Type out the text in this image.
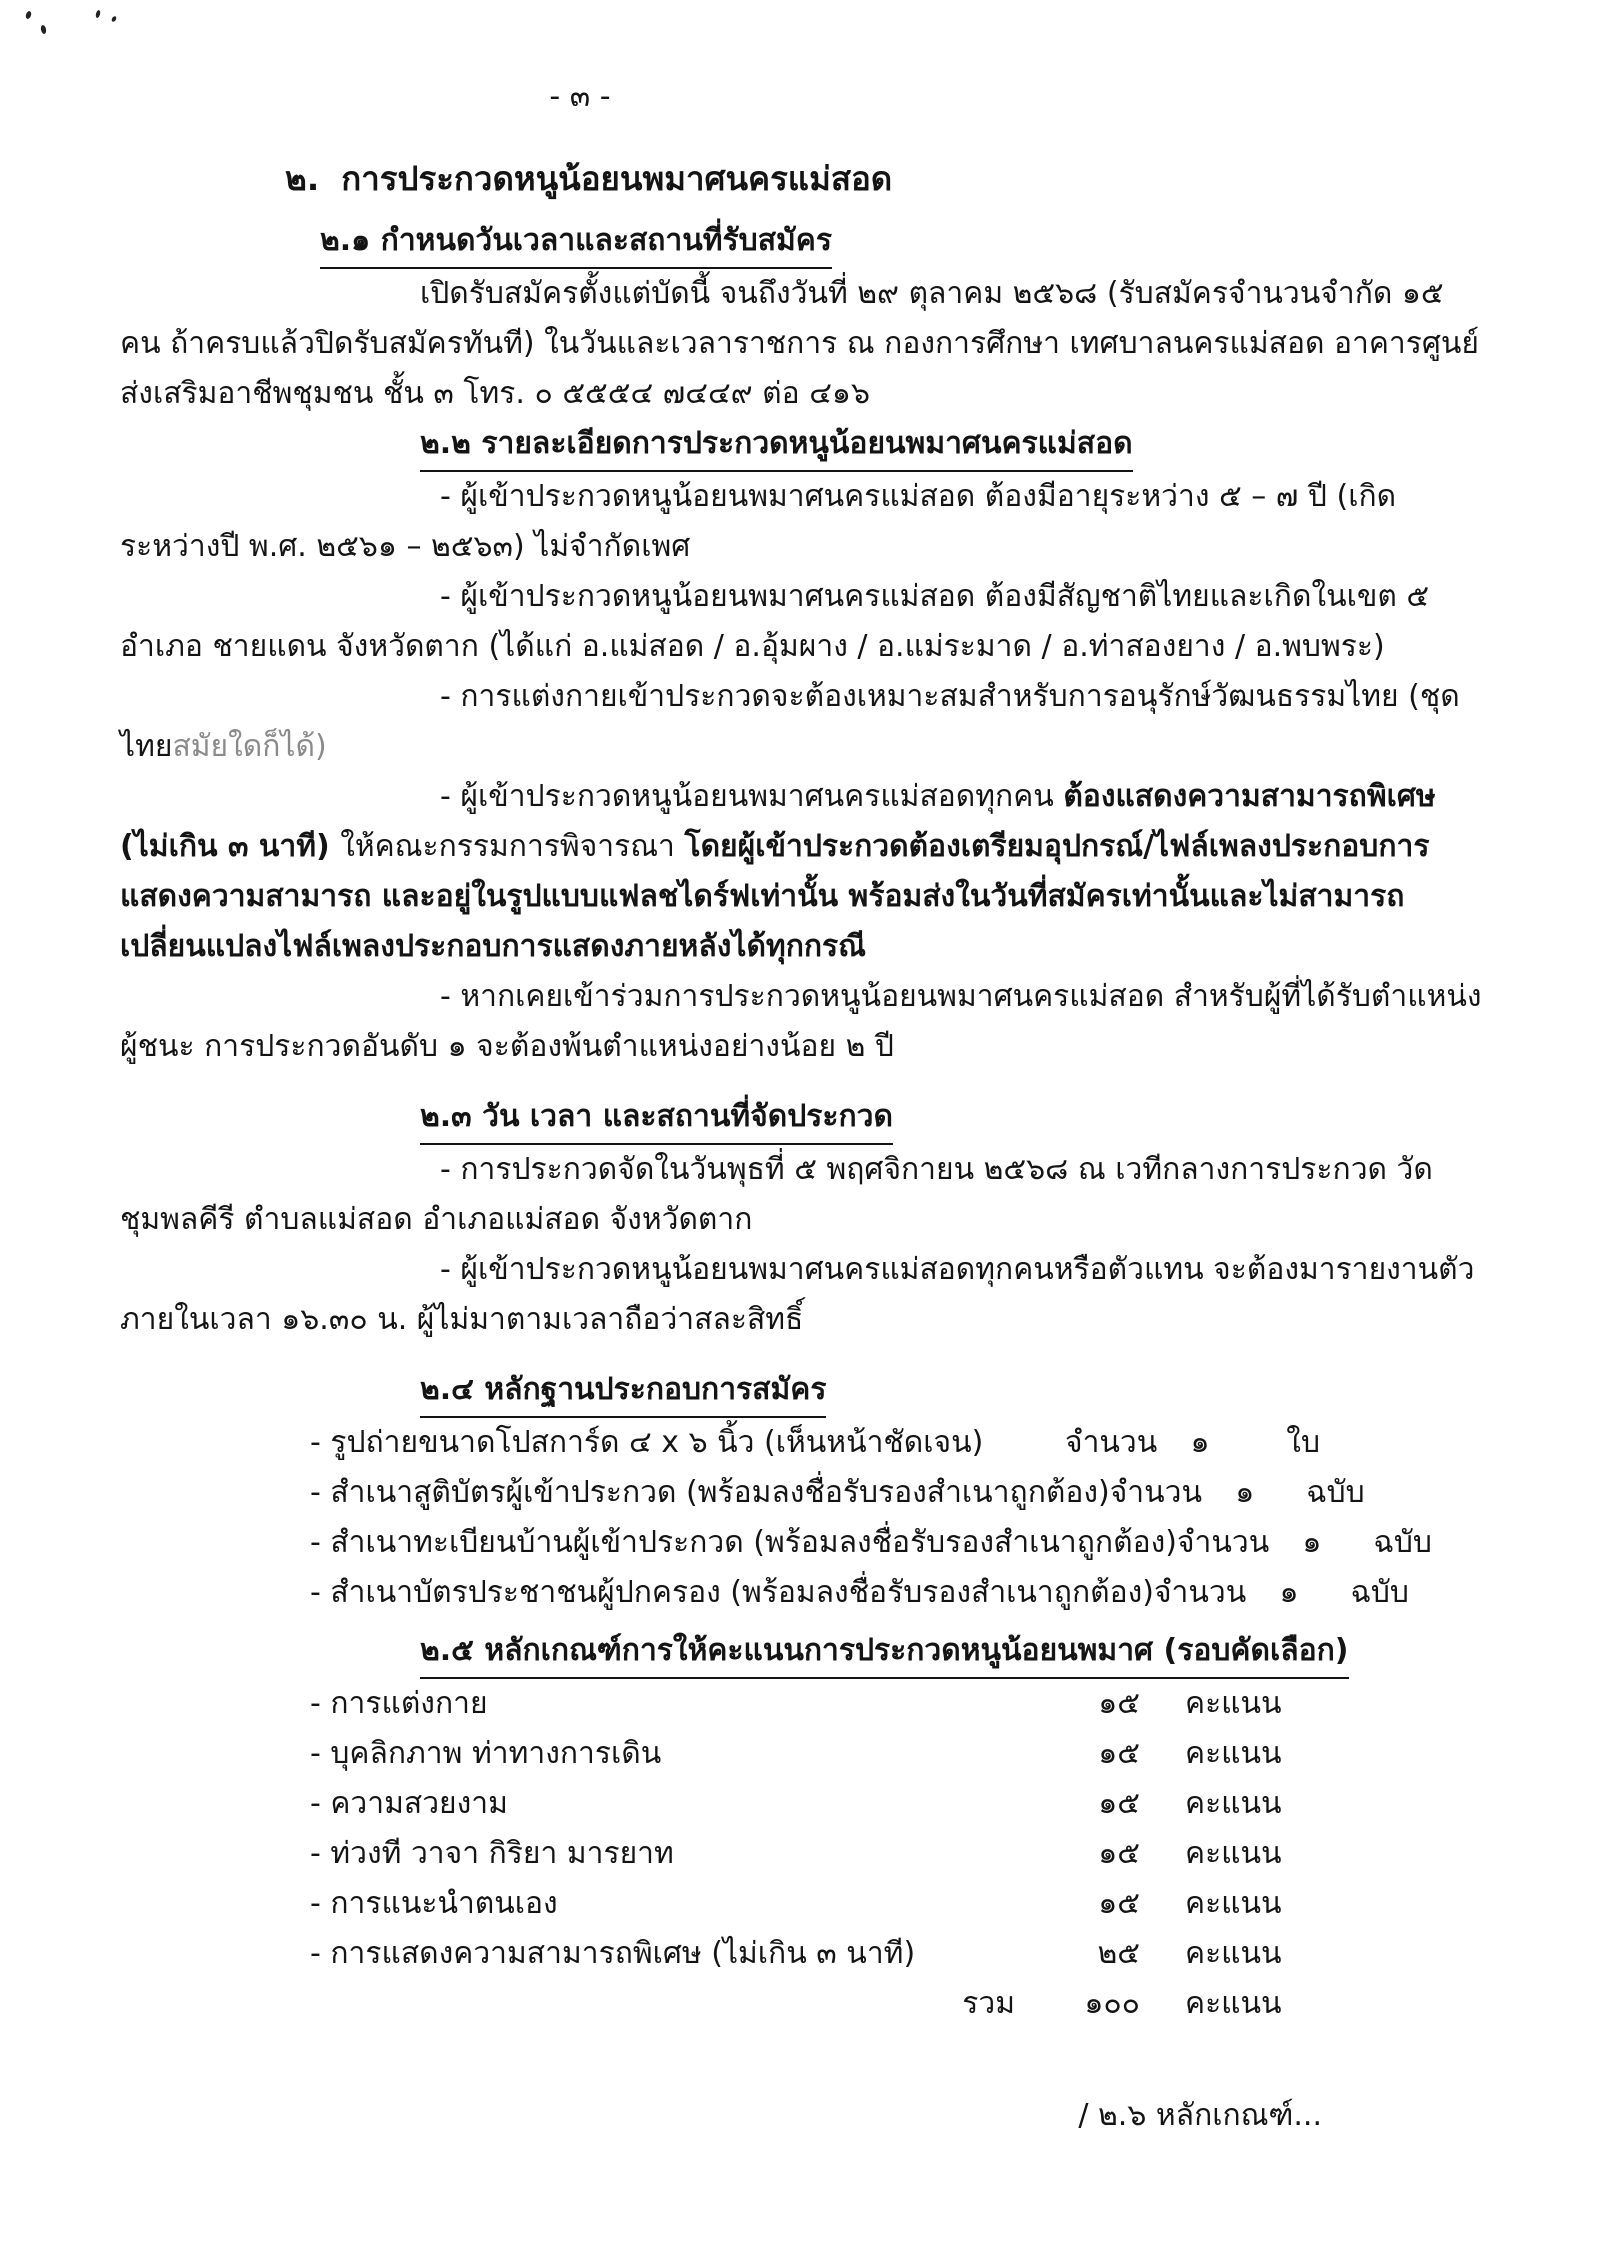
- ๓ -
๒. การประกวดหนูน้อยนพมาศนครแม่สอด
๒.๑ กำหนดวันเวลาและสถานที่รับสมัคร
เปิดรับสมัครตั้งแต่บัดนี้ จนถึงวันที่ ๒๙ ตุลาคม ๒๕๖๘ (รับสมัครจำนวนจำกัด ๑๕ คน ถ้าครบแล้วปิดรับสมัครทันที) ในวันและเวลาราชการ ณ กองการศึกษา เทศบาลนครแม่สอด อาคารศูนย์ส่งเสริมอาชีพชุมชน ชั้น ๓ โทร. ๐ ๕๕๕๔ ๗๔๔๙ ต่อ ๔๑๖
๒.๒ รายละเอียดการประกวดหนูน้อยนพมาศนครแม่สอด
- ผู้เข้าประกวดหนูน้อยนพมาศนครแม่สอด ต้องมีอายุระหว่าง ๕ – ๗ ปี (เกิดระหว่างปี พ.ศ. ๒๕๖๑ – ๒๕๖๓) ไม่จำกัดเพศ
- ผู้เข้าประกวดหนูน้อยนพมาศนครแม่สอด ต้องมีสัญชาติไทยและเกิดในเขต ๕ อำเภอ ชายแดน จังหวัดตาก (ได้แก่ อ.แม่สอด / อ.อุ้มผาง / อ.แม่ระมาด / อ.ท่าสองยาง / อ.พบพระ)
- การแต่งกายเข้าประกวดจะต้องเหมาะสมสำหรับการอนุรักษ์วัฒนธรรมไทย (ชุดไทยสมัยใดก็ได้)
- ผู้เข้าประกวดหนูน้อยนพมาศนครแม่สอดทุกคน ต้องแสดงความสามารถพิเศษ (ไม่เกิน ๓ นาที) ให้คณะกรรมการพิจารณา โดยผู้เข้าประกวดต้องเตรียมอุปกรณ์/ไฟล์เพลงประกอบการแสดงความสามารถ และอยู่ในรูปแบบแฟลชไดร์ฟเท่านั้น พร้อมส่งในวันที่สมัครเท่านั้นและไม่สามารถเปลี่ยนแปลงไฟล์เพลงประกอบการแสดงภายหลังได้ทุกกรณี
- หากเคยเข้าร่วมการประกวดหนูน้อยนพมาศนครแม่สอด สำหรับผู้ที่ได้รับตำแหน่งผู้ชนะ การประกวดอันดับ ๑ จะต้องพ้นตำแหน่งอย่างน้อย ๒ ปี
๒.๓ วัน เวลา และสถานที่จัดประกวด
- การประกวดจัดในวันพุธที่ ๕ พฤศจิกายน ๒๕๖๘ ณ เวทีกลางการประกวด วัดชุมพลคีรี ตำบลแม่สอด อำเภอแม่สอด จังหวัดตาก
- ผู้เข้าประกวดหนูน้อยนพมาศนครแม่สอดทุกคนหรือตัวแทน จะต้องมารายงานตัว ภายในเวลา ๑๖.๓๐ น. ผู้ไม่มาตามเวลาถือว่าสละสิทธิ์
๒.๔ หลักฐานประกอบการสมัคร
- รูปถ่ายขนาดโปสการ์ด ๔ x ๖ นิ้ว (เห็นหน้าชัดเจน)	จำนวน	๑	ใบ
- สำเนาสูติบัตรผู้เข้าประกวด (พร้อมลงชื่อรับรองสำเนาถูกต้อง) จำนวน	๑	ฉบับ
- สำเนาทะเบียนบ้านผู้เข้าประกวด (พร้อมลงชื่อรับรองสำเนาถูกต้อง) จำนวน	๑	ฉบับ
- สำเนาบัตรประชาชนผู้ปกครอง (พร้อมลงชื่อรับรองสำเนาถูกต้อง) จำนวน	๑	ฉบับ
๒.๕ หลักเกณฑ์การให้คะแนนการประกวดหนูน้อยนพมาศ (รอบคัดเลือก)
- การแต่งกาย	๑๕	คะแนน
- บุคลิกภาพ ท่าทางการเดิน	๑๕	คะแนน
- ความสวยงาม	๑๕	คะแนน
- ท่วงที วาจา กิริยา มารยาท	๑๕	คะแนน
- การแนะนำตนเอง	๑๕	คะแนน
- การแสดงความสามารถพิเศษ (ไม่เกิน ๓ นาที)	๒๕	คะแนน
รวม	๑๐๐	คะแนน
/ ๒.๖ หลักเกณฑ์...
